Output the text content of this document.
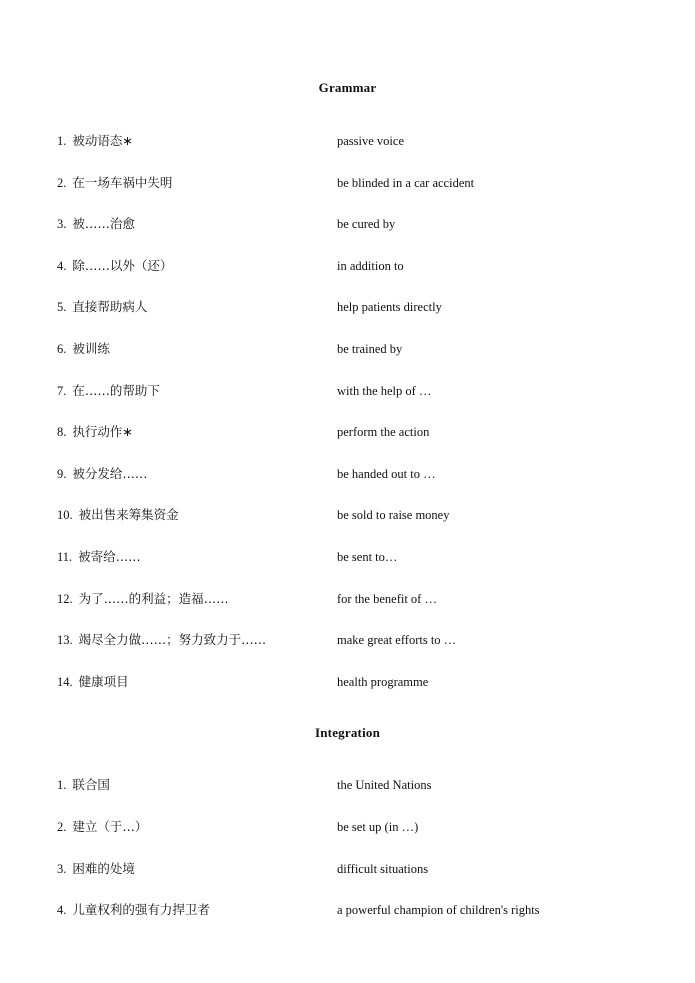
Grammar
1. 被动语态∗	passive voice
2. 在一场车祸中失明	be blinded in a car accident
3. 被……治愈	be cured by
4. 除……以外（还）	in addition to
5. 直接帮助病人	help patients directly
6. 被训练	be trained by
7. 在……的帮助下	with the help of …
8. 执行动作∗	perform the action
9. 被分发给……	be handed out to …
10. 被出售来筹集资金	be sold to raise money
11. 被寄给……	be sent to…
12. 为了……的利益；造福……	for the benefit of …
13. 竭尽全力做……；努力致力于……	make great efforts to …
14. 健康项目	health programme
Integration
1. 联合国	the United Nations
2. 建立（于…）	be set up (in …)
3. 困难的处境	difficult situations
4. 儿童权利的强有力捍卫者	a powerful champion of children's rights
